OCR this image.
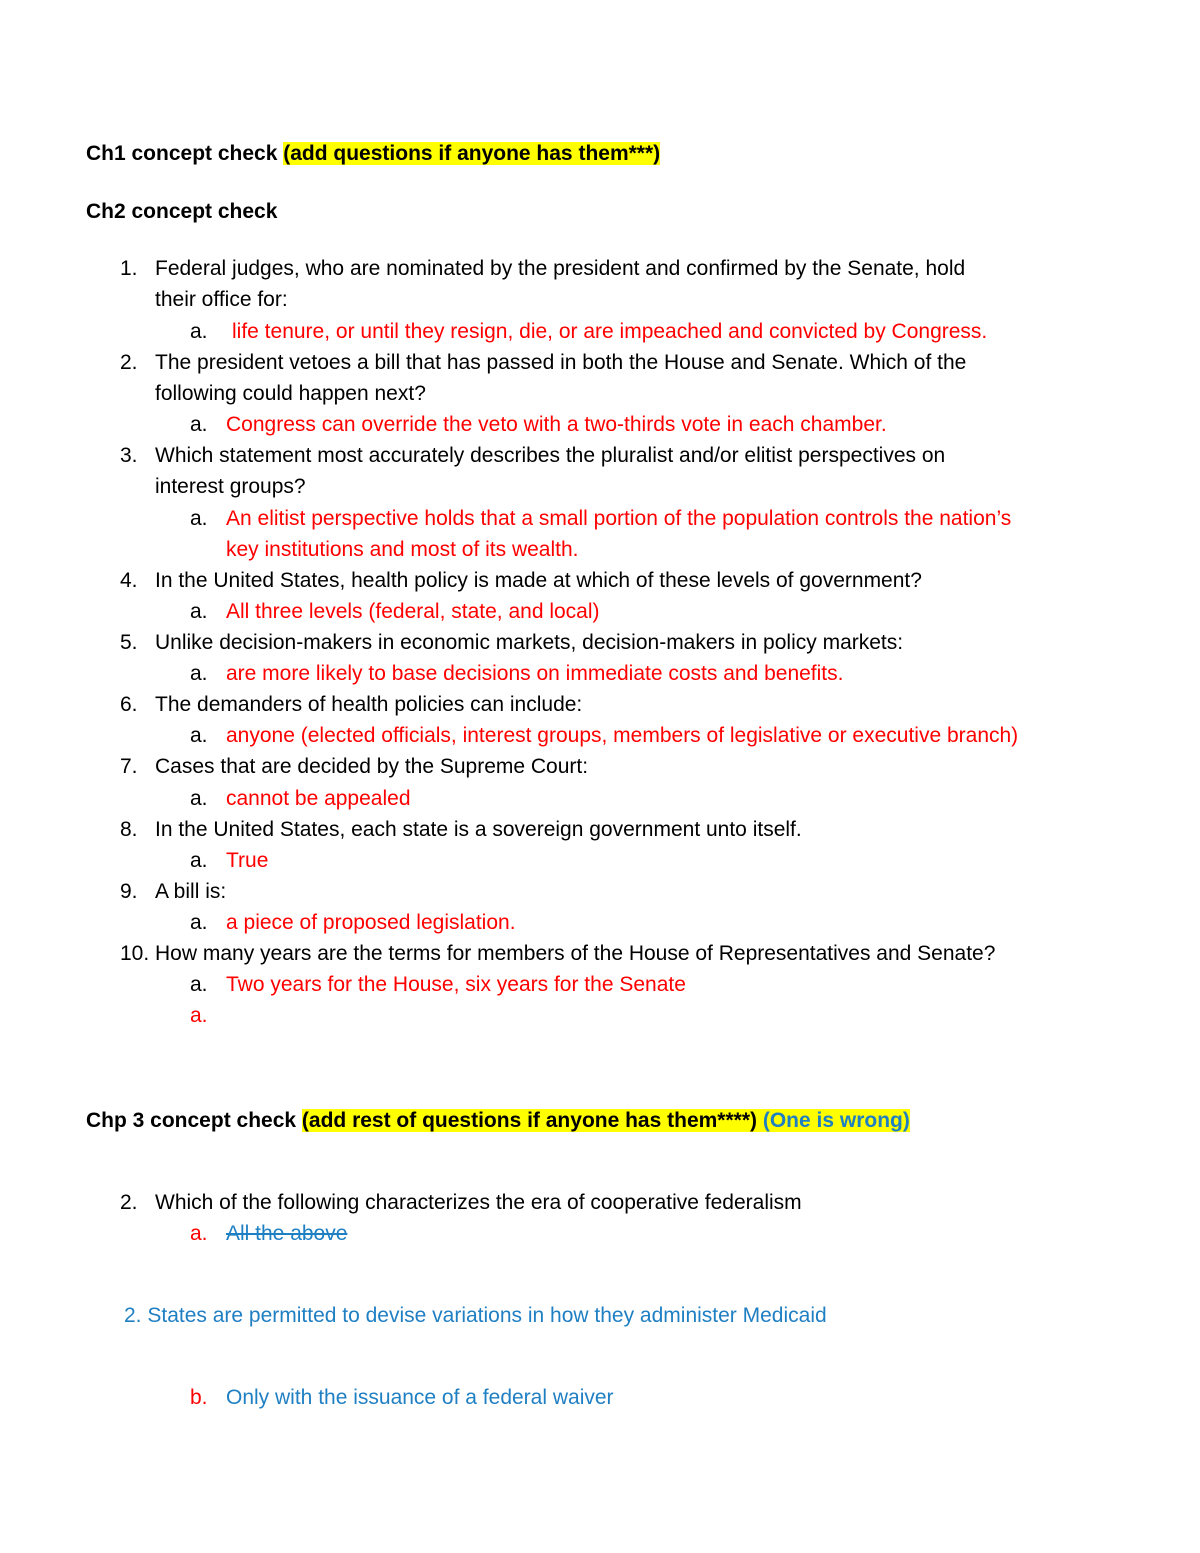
Ch1 concept check (add questions if anyone has them***)
Ch2 concept check
1. Federal judges, who are nominated by the president and confirmed by the Senate, hold
their office for:
a. life tenure, or until they resign, die, or are impeached and convicted by Congress.
2. The president vetoes a bill that has passed in both the House and Senate. Which of the
following could happen next?
a. Congress can override the veto with a two-thirds vote in each chamber.
3. Which statement most accurately describes the pluralist and/or elitist perspectives on
interest groups?
a. An elitist perspective holds that a small portion of the population controls the nation’s
key institutions and most of its wealth.
4. In the United States, health policy is made at which of these levels of government?
a. All three levels (federal, state, and local)
5. Unlike decision-makers in economic markets, decision-makers in policy markets:
a. are more likely to base decisions on immediate costs and benefits.
6. The demanders of health policies can include:
a. anyone (elected officials, interest groups, members of legislative or executive branch)
7. Cases that are decided by the Supreme Court:
a. cannot be appealed
8. In the United States, each state is a sovereign government unto itself.
a. True
9. A bill is:
a. a piece of proposed legislation.
10. How many years are the terms for members of the House of Representatives and Senate?
a. Two years for the House, six years for the Senate
a.
Chp 3 concept check (add rest of questions if anyone has them****) (One is wrong)
2. Which of the following characterizes the era of cooperative federalism
a. All the above
2. States are permitted to devise variations in how they administer Medicaid
b. Only with the issuance of a federal waiver
